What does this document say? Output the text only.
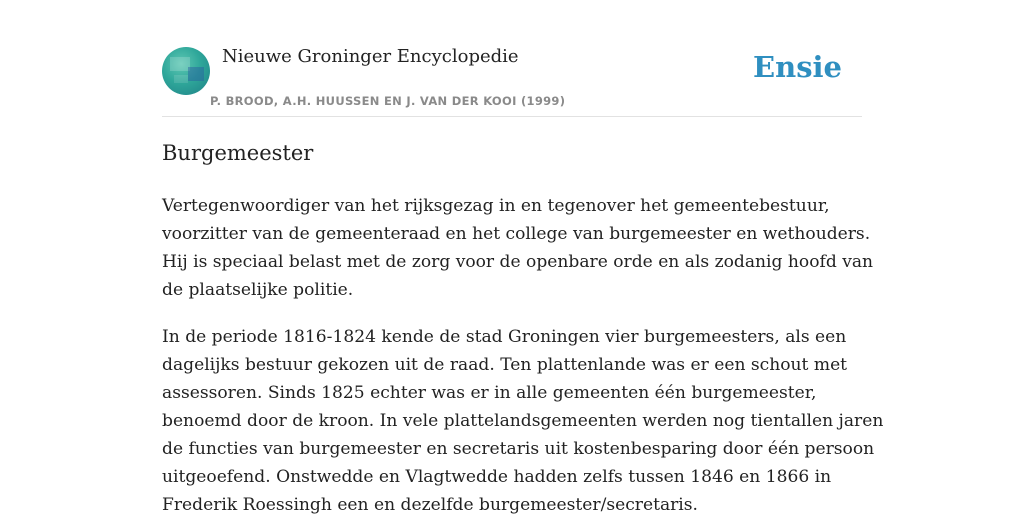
Nieuwe Groninger Encyclopedie
P. BROOD, A.H. HUUSSEN EN J. VAN DER KOOI (1999)
Ensie
Burgemeester

Vertegenwoordiger van het rijksgezag in en tegenover het gemeentebestuur,
voorzitter van de gemeenteraad en het college van burgemeester en wethouders.
Hij is speciaal belast met de zorg voor de openbare orde en als zodanig hoofd van
de plaatselijke politie.

In de periode 1816-1824 kende de stad Groningen vier burgemeesters, als een
dagelijks bestuur gekozen uit de raad. Ten plattenlande was er een schout met
assessoren. Sinds 1825 echter was er in alle gemeenten één burgemeester,
benoemd door de kroon. In vele plattelandsgemeenten werden nog tientallen jaren
de functies van burgemeester en secretaris uit kostenbesparing door één persoon
uitgeoefend. Onstwedde en Vlagtwedde hadden zelfs tussen 1846 en 1866 in
Frederik Roessingh een en dezelfde burgemeester/secretaris.
